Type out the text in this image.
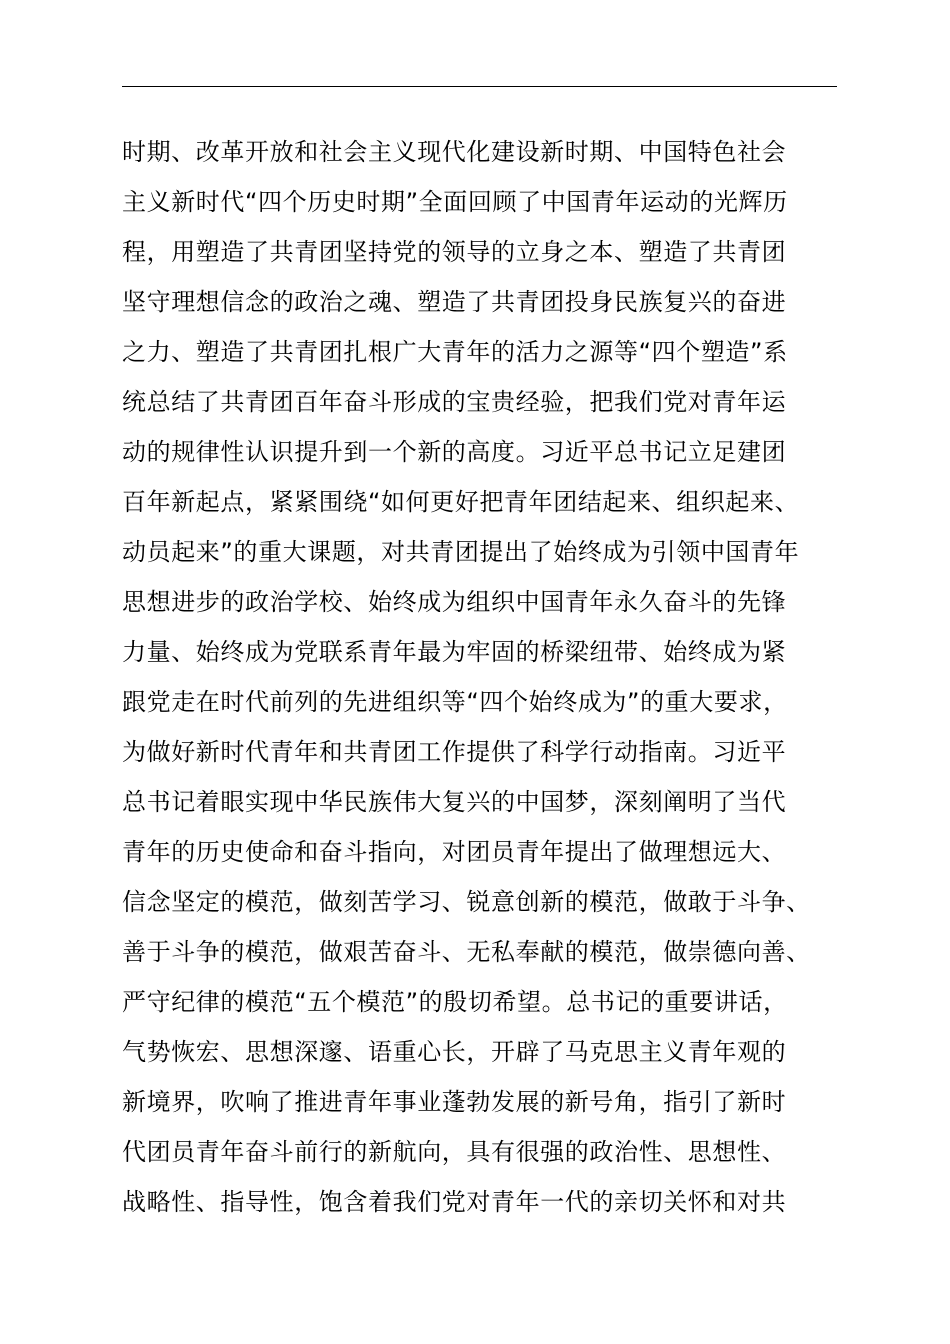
时期、改革开放和社会主义现代化建设新时期、中国特色社会
主义新时代“四个历史时期”全面回顾了中国青年运动的光辉历
程，用塑造了共青团坚持党的领导的立身之本、塑造了共青团
坚守理想信念的政治之魂、塑造了共青团投身民族复兴的奋进
之力、塑造了共青团扎根广大青年的活力之源等“四个塑造”系
统总结了共青团百年奋斗形成的宝贵经验，把我们党对青年运
动的规律性认识提升到一个新的高度。习近平总书记立足建团
百年新起点，紧紧围绕“如何更好把青年团结起来、组织起来、
动员起来”的重大课题，对共青团提出了始终成为引领中国青年
思想进步的政治学校、始终成为组织中国青年永久奋斗的先锋
力量、始终成为党联系青年最为牢固的桥梁纽带、始终成为紧
跟党走在时代前列的先进组织等“四个始终成为”的重大要求，
为做好新时代青年和共青团工作提供了科学行动指南。习近平
总书记着眼实现中华民族伟大复兴的中国梦，深刻阐明了当代
青年的历史使命和奋斗指向，对团员青年提出了做理想远大、
信念坚定的模范，做刻苦学习、锐意创新的模范，做敢于斗争、
善于斗争的模范，做艰苦奋斗、无私奉献的模范，做崇德向善、
严守纪律的模范“五个模范”的殷切希望。总书记的重要讲话，
气势恢宏、思想深邃、语重心长，开辟了马克思主义青年观的
新境界，吹响了推进青年事业蓬勃发展的新号角，指引了新时
代团员青年奋斗前行的新航向，具有很强的政治性、思想性、
战略性、指导性，饱含着我们党对青年一代的亲切关怀和对共
